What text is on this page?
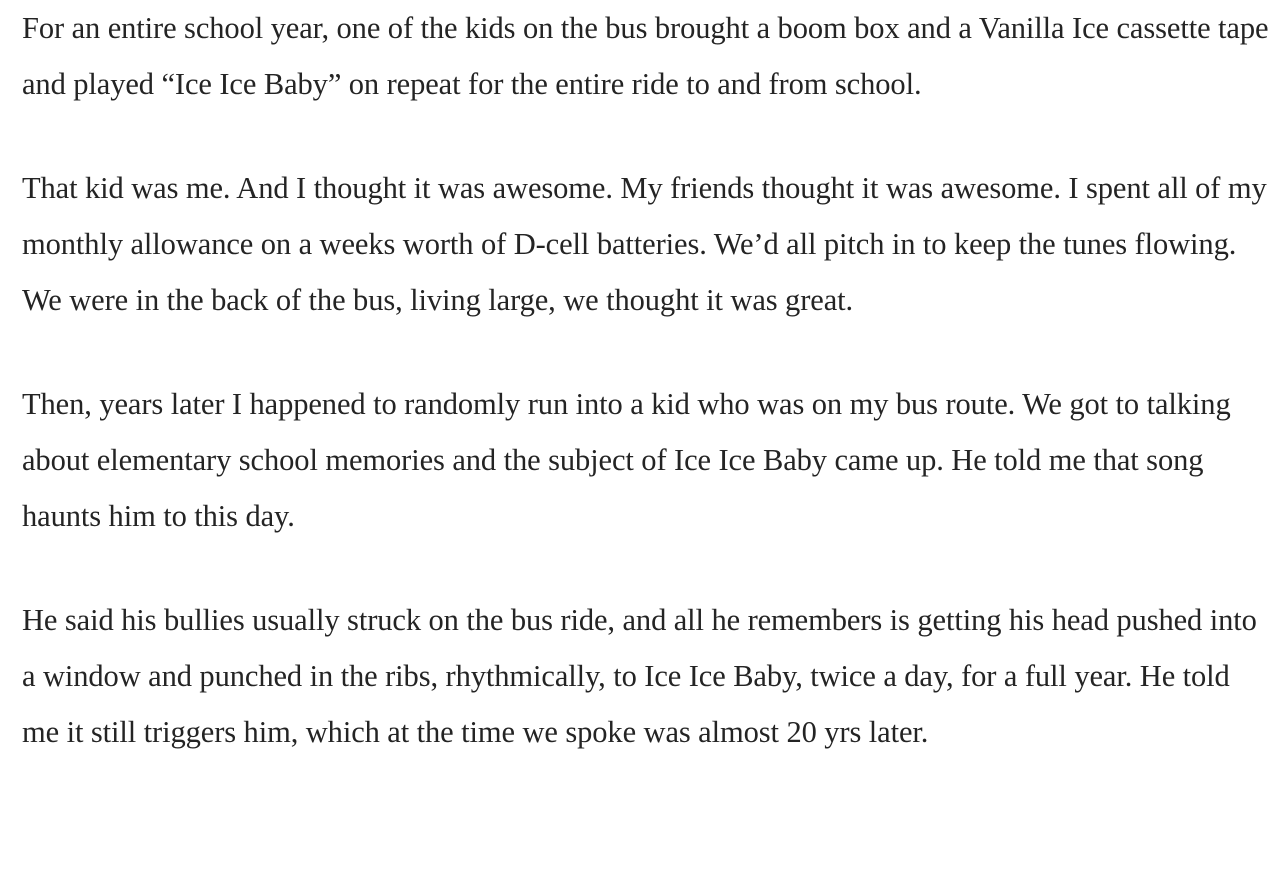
For an entire school year, one of the kids on the bus brought a boom box and a Vanilla Ice cassette tape and played “Ice Ice Baby” on repeat for the entire ride to and from school.

That kid was me. And I thought it was awesome. My friends thought it was awesome. I spent all of my monthly allowance on a weeks worth of D-cell batteries. We’d all pitch in to keep the tunes flowing. We were in the back of the bus, living large, we thought it was great.

Then, years later I happened to randomly run into a kid who was on my bus route. We got to talking about elementary school memories and the subject of Ice Ice Baby came up. He told me that song haunts him to this day.

He said his bullies usually struck on the bus ride, and all he remembers is getting his head pushed into a window and punched in the ribs, rhythmically, to Ice Ice Baby, twice a day, for a full year. He told me it still triggers him, which at the time we spoke was almost 20 yrs later.
